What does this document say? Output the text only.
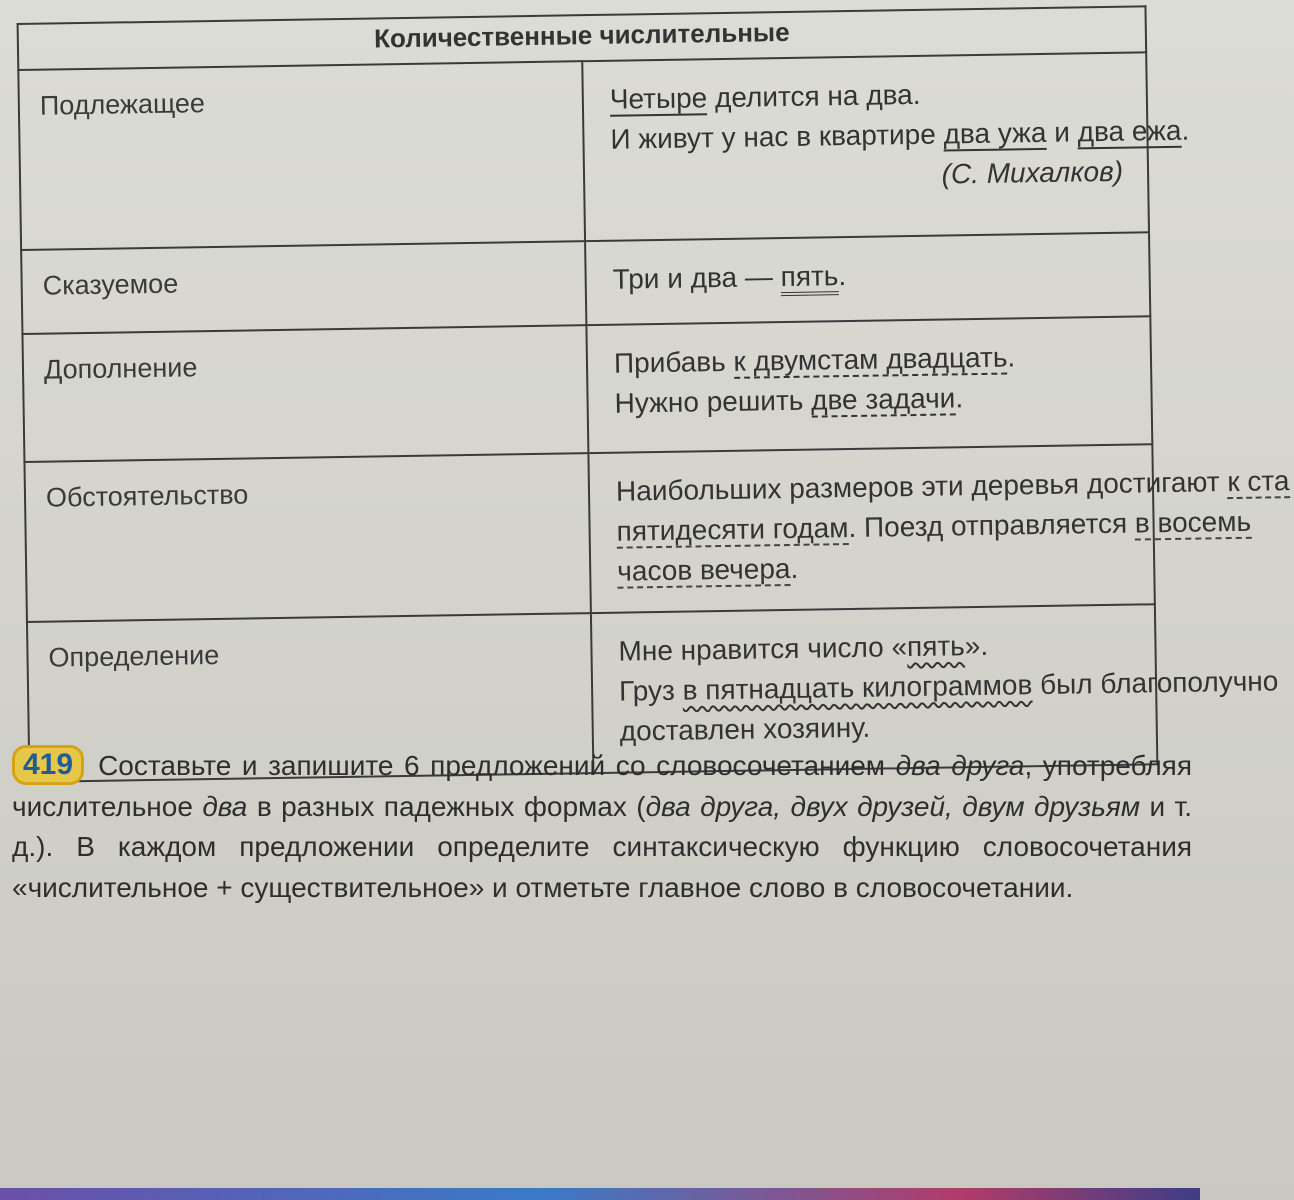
Количественные числительные	
Подлежащее	Четыре делится на два.
И живут у нас в квартире два ужа и два ежа.
(С. Михалков)

Сказуемое	Три и два — пять.

Дополнение	Прибавь к двумстам двадцать.
Нужно решить две задачи.

Обстоятельство	Наибольших размеров эти деревья достигают к ста
пятидесяти годам. Поезд отправляется в восемь
часов вечера.

Определение	Мне нравится число «пять».
Груз в пятнадцать килограммов был благополучно
доставлен хозяину.
419 Составьте и запишите 6 предложений со словосочетанием два друга, употребляя числительное два в разных падежных формах (два друга, двух друзей, двум друзьям и т. д.). В каждом предложении определите синтаксическую функцию словосочетания «числительное + существительное» и отметьте главное слово в словосочетании.
